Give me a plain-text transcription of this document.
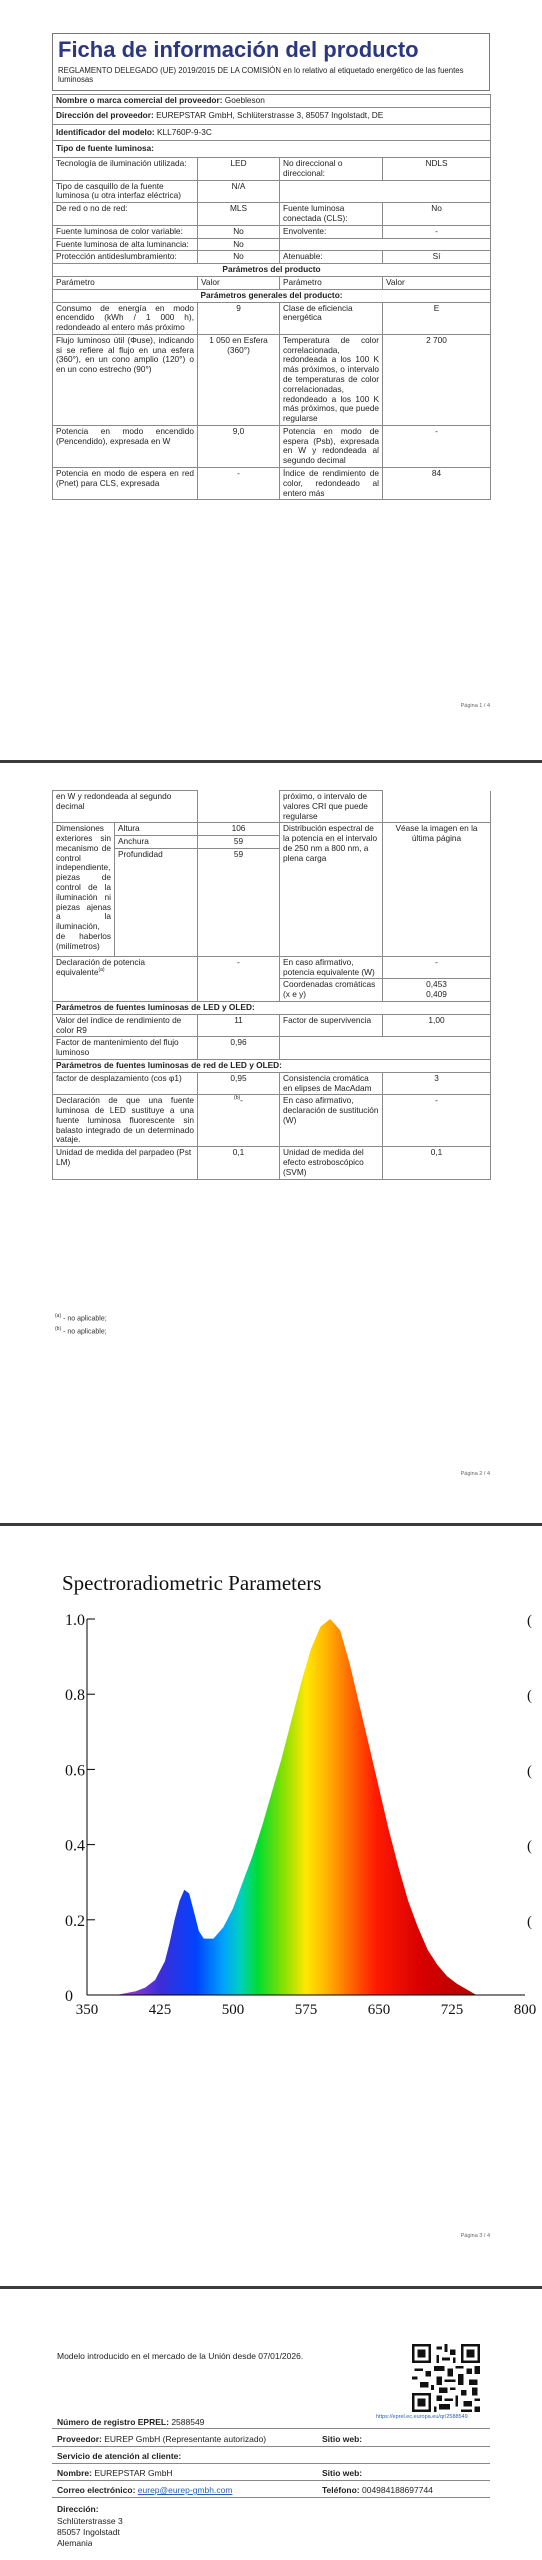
Ficha de información del producto
REGLAMENTO DELEGADO (UE) 2019/2015 DE LA COMISIÓN en lo relativo al etiquetado energético de las fuentes luminosas
Nombre o marca comercial del proveedor: Goebleson			
Dirección del proveedor: EUREPSTAR GmbH, Schlüterstrasse 3, 85057 Ingolstadt, DE			
Identificador del modelo: KLL760P-9-3C			
Tipo de fuente luminosa:			
Tecnología de iluminación utilizada:	LED	No direccional o direccional:	NDLS
Tipo de casquillo de la fuente luminosa (u otra interfaz eléctrica)	N/A		
De red o no de red:	MLS	Fuente luminosa conectada (CLS):	No
Fuente luminosa de color variable:	No	Envolvente:	-
Fuente luminosa de alta luminancia:	No		
Protección antideslumbramiento:	No	Atenuable:	Sí
Parámetros del producto			
Parámetro	Valor	Parámetro	Valor
Parámetros generales del producto:			
Consumo de energía en modo encendido (kWh / 1 000 h), redondeado al entero más próximo	9	Clase de eficiencia energética	E
Flujo luminoso útil (Φuse), indicando si se refiere al flujo en una esfera (360°), en un cono amplio (120°) o en un cono estrecho (90°)	1 050 en Esfera (360°)	Temperatura de color correlacionada, redondeada a los 100 K más próximos, o intervalo de temperaturas de color correlacionadas, redondeado a los 100 K más próximos, que puede regularse	2 700
Potencia en modo encendido (Pencendido), expresada en W	9,0	Potencia en modo de espera (Psb), expresada en W y redondeada al segundo decimal	-
Potencia en modo de espera en red (Pnet) para CLS, expresada	-	Índice de rendimiento de color, redondeado al entero más	84
Página 1 / 4
en W y redondeada al segundo decimal			próximo, o intervalo de valores CRI que puede regularse	
Dimensiones exteriores sin mecanismo de control independiente, piezas de control de la iluminación ni piezas ajenas a la iluminación, de haberlos (milímetros)	Altura	106	Distribución espectral de la potencia en el intervalo de 250 nm a 800 nm, a plena carga	Véase la imagen en la última página
	Anchura	59		
	Profundidad	59		
Declaración de potencia equivalente$^{(a)}$		-	En caso afirmativo, potencia equivalente (W)	-
			Coordenadas cromáticas (x e y)	0,453
0,409

Parámetros de fuentes luminosas de LED y OLED:				
Valor del índice de rendimiento de color R9		11	Factor de supervivencia	1,00
Factor de mantenimiento del flujo luminoso		0,96		
Parámetros de fuentes luminosas de red de LED y OLED:				
factor de desplazamiento (cos φ1)		0,95	Consistencia cromática en elipses de MacAdam	3
Declaración de que una fuente luminosa de LED sustituye a una fuente luminosa fluorescente sin balasto integrado de un determinado vataje.		$^{(b)}$-	En caso afirmativo, declaración de sustitución (W)	-
Unidad de medida del parpadeo (Pst LM)		0,1	Unidad de medida del efecto estroboscópico (SVM)	0,1
$^{(a)}$ - no aplicable;
$^{(b)}$ - no aplicable;
Página 2 / 4
Spectroradiometric Parameters
0
0.2	(
0.4	(
0.6	(
0.8	(
1.0	(
350	425	500	575	650	725	800
Página 3 / 4
Modelo introducido en el mercado de la Unión desde 07/01/2026.
https://eprel.ec.europa.eu/qr/2588549
Número de registro EPREL: 2588549
Proveedor: EUREP GmbH (Representante autorizado)	Sitio web:
Servicio de atención al cliente:
Nombre: EUREPSTAR GmbH	Sitio web:
Correo electrónico: eurep@eurep-gmbh.com	Teléfono: 004984188697744
Dirección:
Schlüterstrasse 3
85057 Ingolstadt
Alemania
